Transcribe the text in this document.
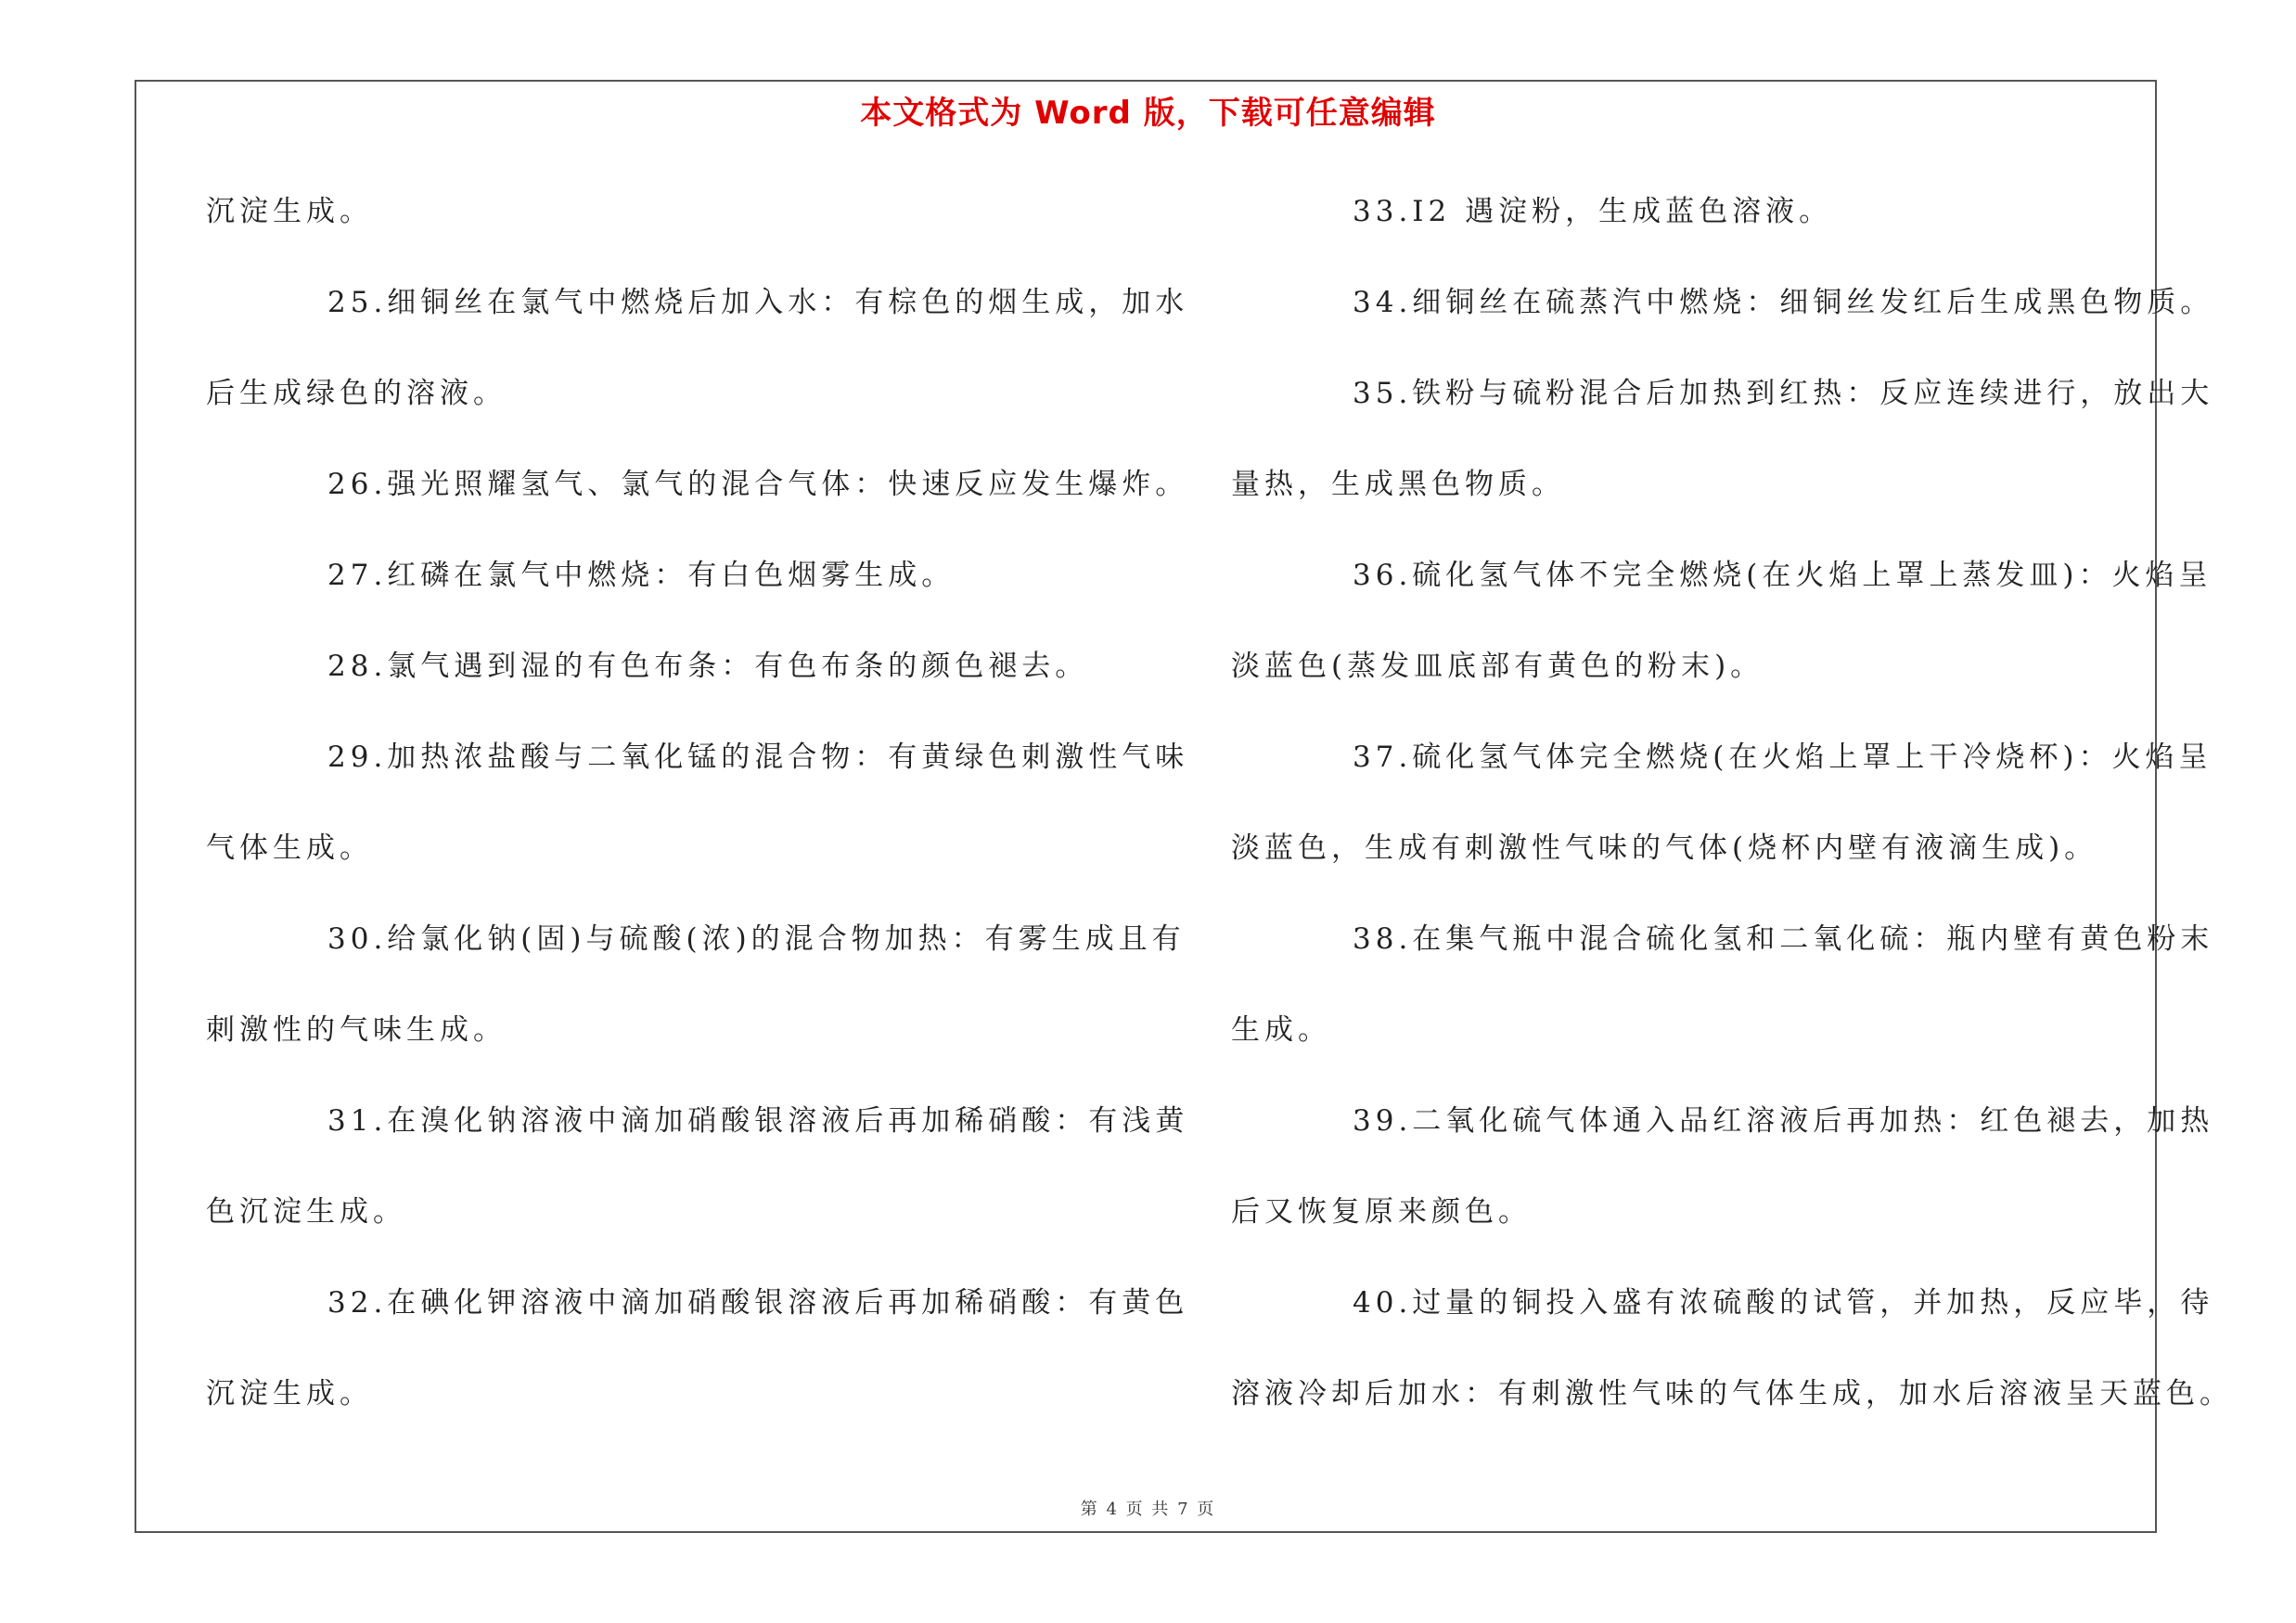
本文格式为 Word 版，下载可任意编辑
沉淀生成。
25.细铜丝在氯气中燃烧后加入水：有棕色的烟生成，加水
后生成绿色的溶液。
26.强光照耀氢气、氯气的混合气体：快速反应发生爆炸。
27.红磷在氯气中燃烧：有白色烟雾生成。
28.氯气遇到湿的有色布条：有色布条的颜色褪去。
29.加热浓盐酸与二氧化锰的混合物：有黄绿色刺激性气味
气体生成。
30.给氯化钠(固)与硫酸(浓)的混合物加热：有雾生成且有
刺激性的气味生成。
31.在溴化钠溶液中滴加硝酸银溶液后再加稀硝酸：有浅黄
色沉淀生成。
32.在碘化钾溶液中滴加硝酸银溶液后再加稀硝酸：有黄色
沉淀生成。
33.I2 遇淀粉，生成蓝色溶液。
34.细铜丝在硫蒸汽中燃烧：细铜丝发红后生成黑色物质。
35.铁粉与硫粉混合后加热到红热：反应连续进行，放出大
量热，生成黑色物质。
36.硫化氢气体不完全燃烧(在火焰上罩上蒸发皿)：火焰呈
淡蓝色(蒸发皿底部有黄色的粉末)。
37.硫化氢气体完全燃烧(在火焰上罩上干冷烧杯)：火焰呈
淡蓝色，生成有刺激性气味的气体(烧杯内壁有液滴生成)。
38.在集气瓶中混合硫化氢和二氧化硫：瓶内壁有黄色粉末
生成。
39.二氧化硫气体通入品红溶液后再加热：红色褪去，加热
后又恢复原来颜色。
40.过量的铜投入盛有浓硫酸的试管，并加热，反应毕，待
溶液冷却后加水：有刺激性气味的气体生成，加水后溶液呈天蓝色。
第 4 页 共 7 页
